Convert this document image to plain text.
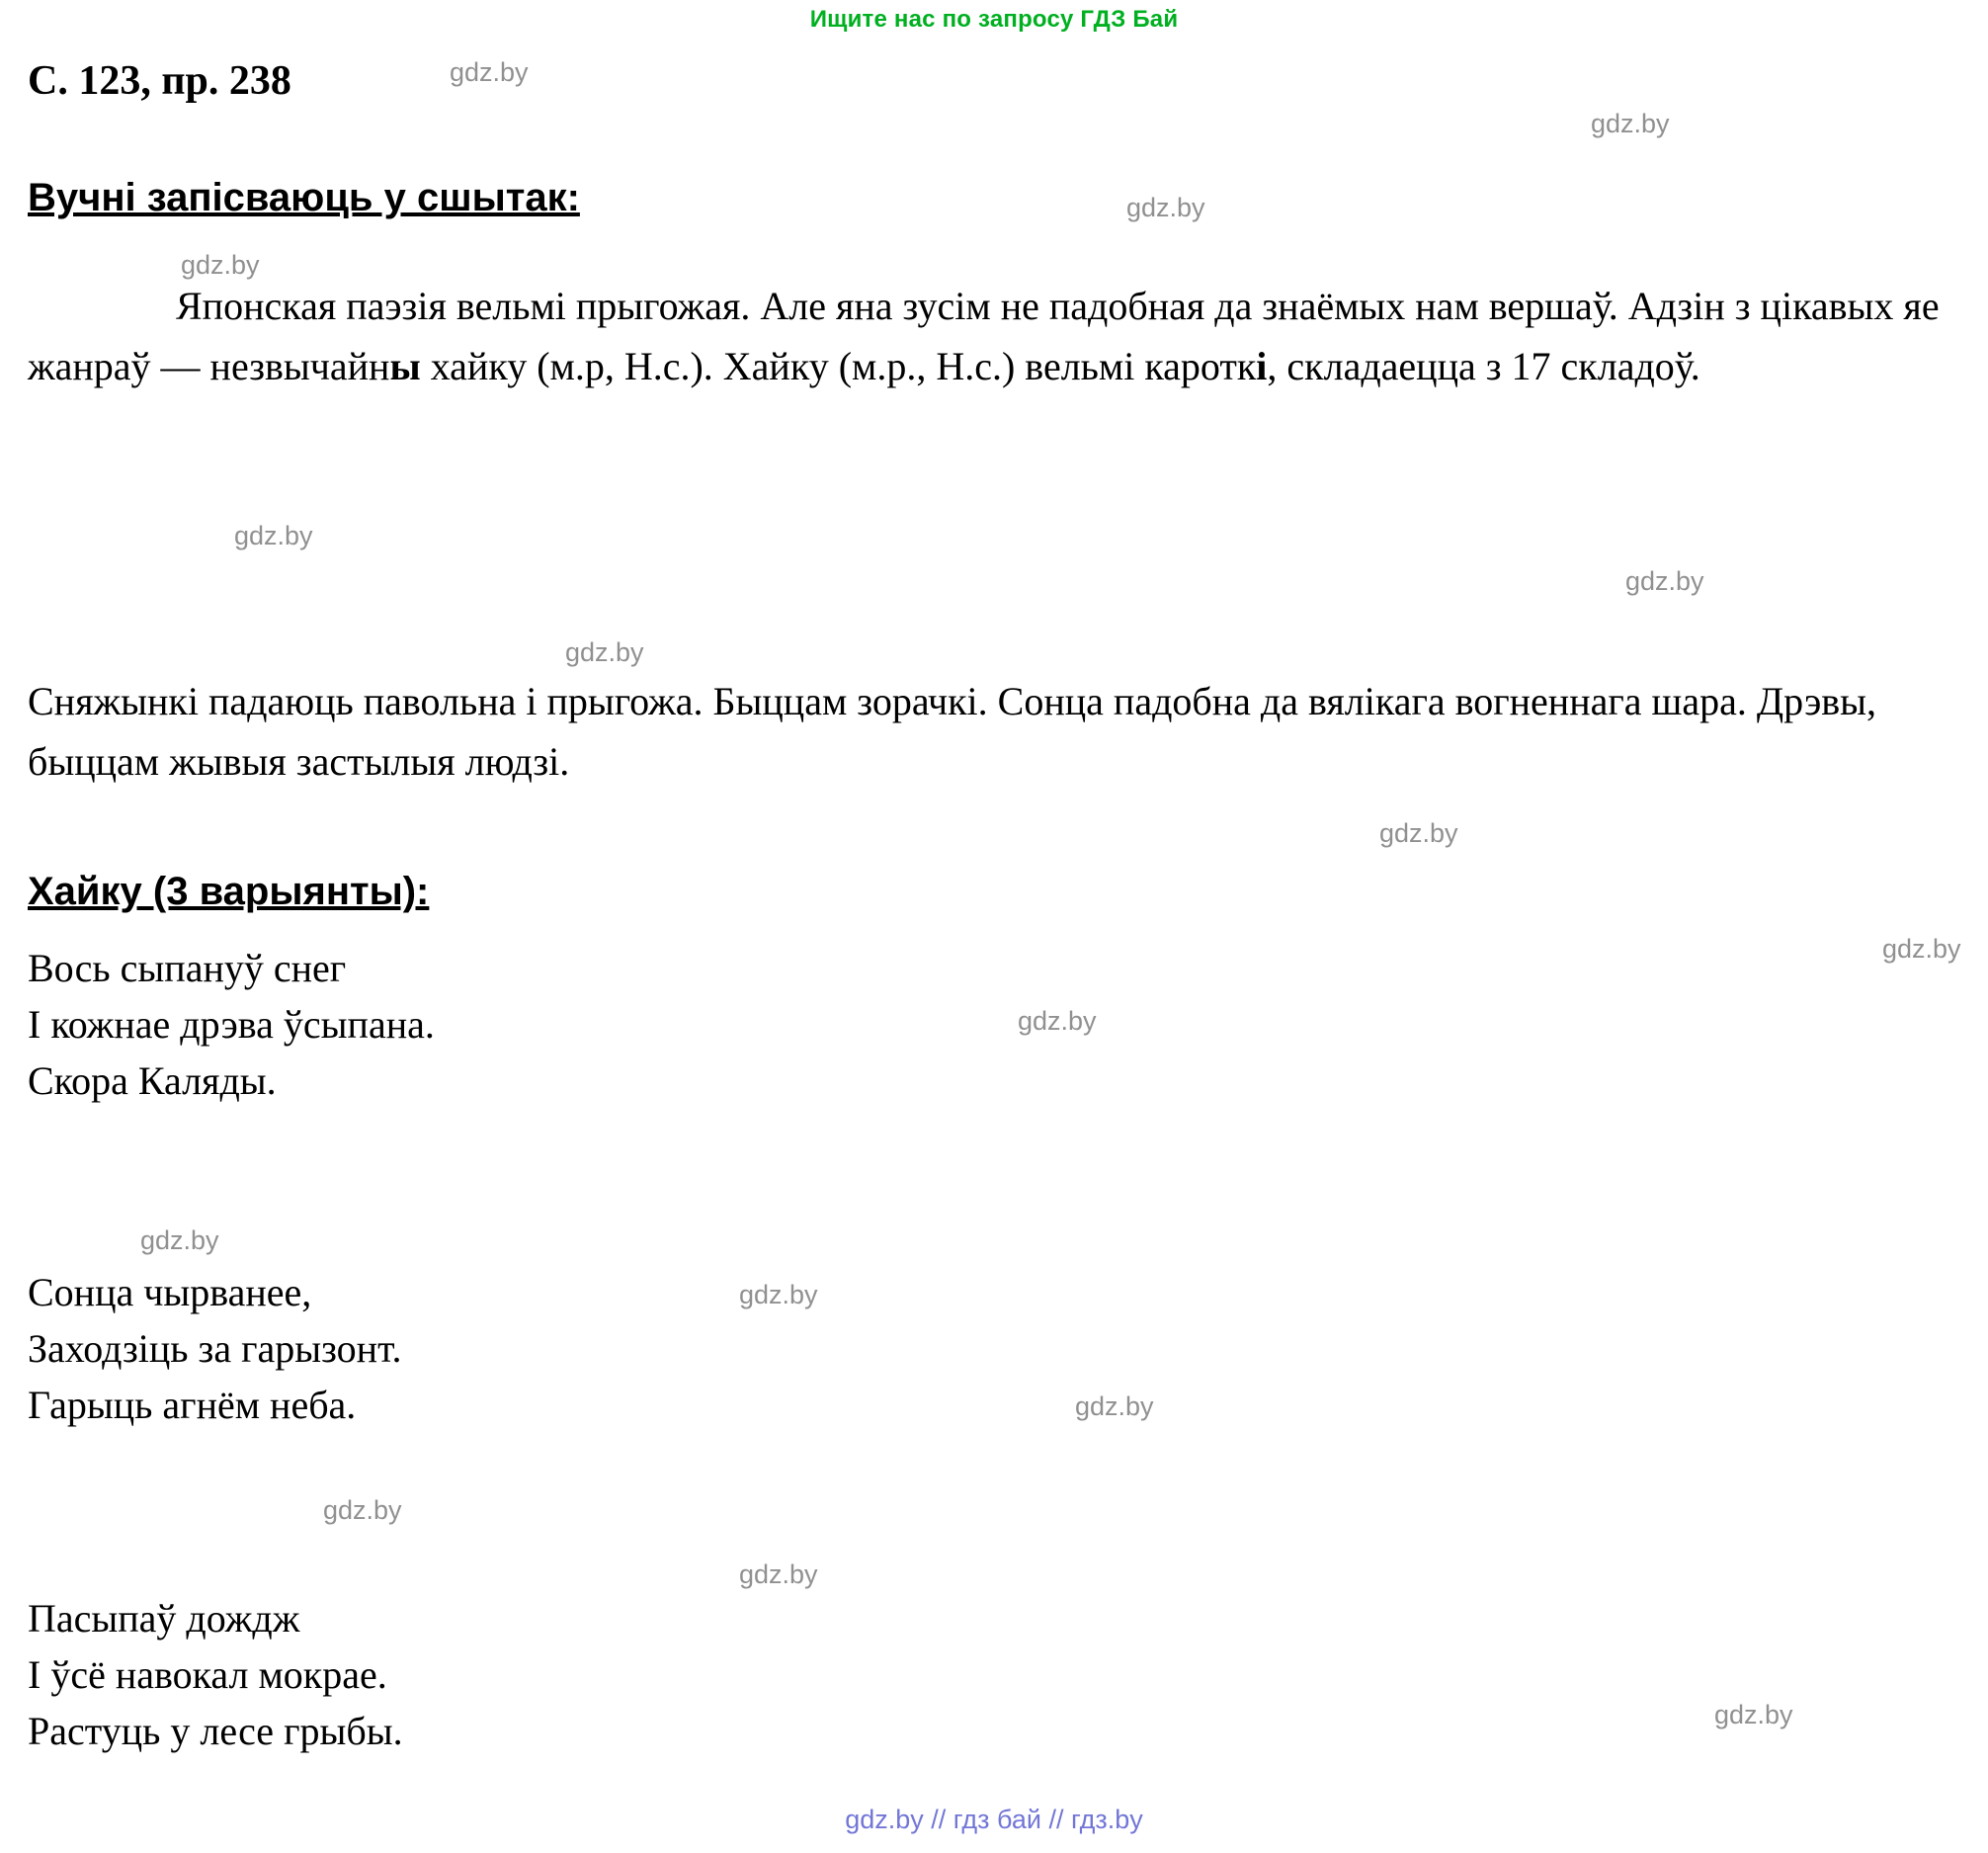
Ищите нас по запросу ГДЗ Бай
С. 123, пр. 238
Вучні запісваюць у сшытак:
Японская паэзія вельмі прыгожая. Але яна зусім не падобная да знаёмых нам вершаў. Адзін з цікавых яе жанраў — незвычайны хайку (м.р, Н.с.). Хайку (м.р., Н.с.) вельмі кароткі, складаецца з 17 складоў.
Сняжынкі падаюць павольна і прыгожа. Быццам зорачкі. Сонца падобна да вялікага вогненнага шара. Дрэвы, быццам жывыя застылыя людзі.
Хайку (3 варыянты):
Вось сыпануў снег
І кожнае дрэва ўсыпана.
Скора Каляды.
Сонца чырванее,
Заходзіць за гарызонт.
Гарыць агнём неба.
Пасыпаў дождж
І ўсё навокал мокрае.
Растуць у лесе грыбы.
gdz.by
gdz.by
gdz.by
gdz.by
gdz.by
gdz.by
gdz.by
gdz.by
gdz.by
gdz.by
gdz.by
gdz.by
gdz.by
gdz.by
gdz.by
gdz.by
gdz.by // гдз бай // гдз.by
